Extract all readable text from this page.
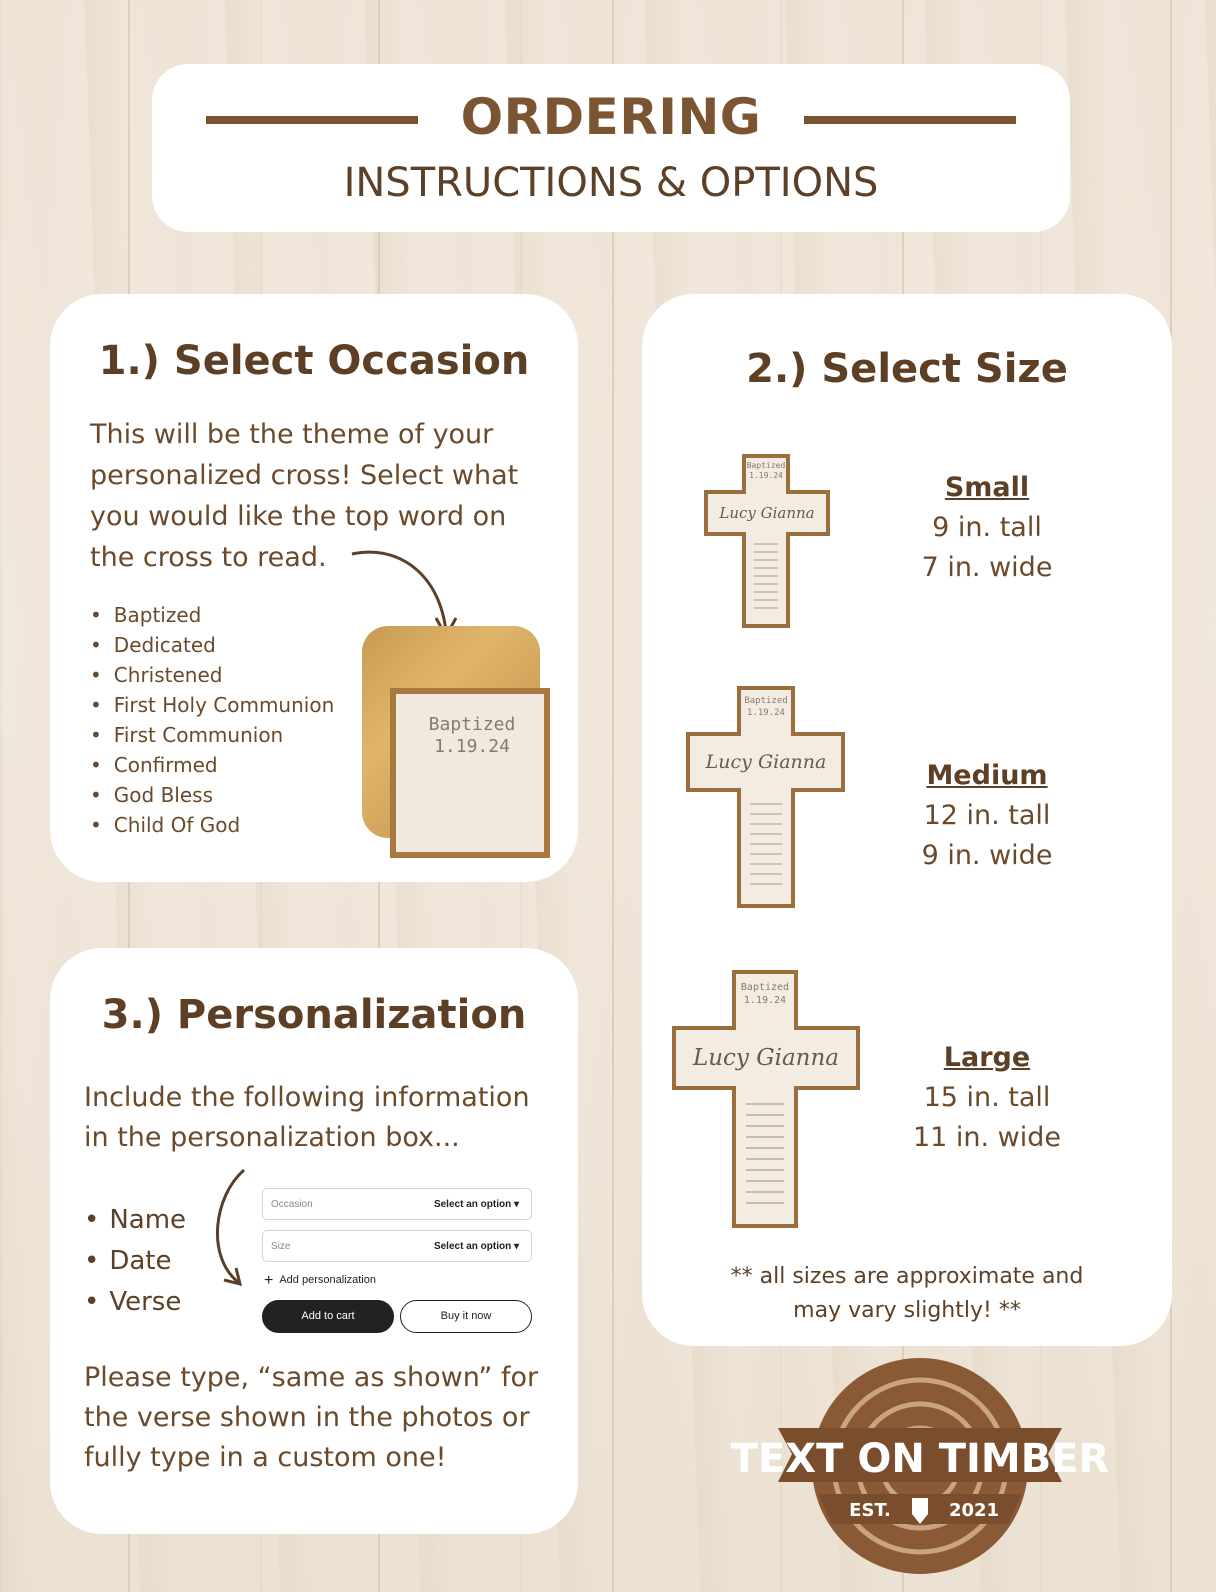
ORDERING
INSTRUCTIONS & OPTIONS
1.) Select Occasion
This will be the theme of your personalized cross! Select what you would like the top word on the cross to read.
• Baptized
• Dedicated
• Christened
• First Holy Communion
• First Communion
• Confirmed
• God Bless
• Child Of God
Baptized
1.19.24
2.) Select Size
Baptized
1.19.24
Lucy Gianna
Small
9 in. tall
7 in. wide
Baptized
1.19.24
Lucy Gianna	Medium
12 in. tall
9 in. wide
Baptized
1.19.24
Lucy Gianna	Large
15 in. tall
11 in. wide
** all sizes are approximate and
may vary slightly! **
3.) Personalization
Include the following information in the personalization box...
• Name
• Date
• Verse
Occasion	Select an option ▾
Size	Select an option ▾
+ Add personalization
Add to cart	Buy it now
Please type, “same as shown” for the verse shown in the photos or fully type in a custom one!	TEXT ON TIMBER
EST.	2021
